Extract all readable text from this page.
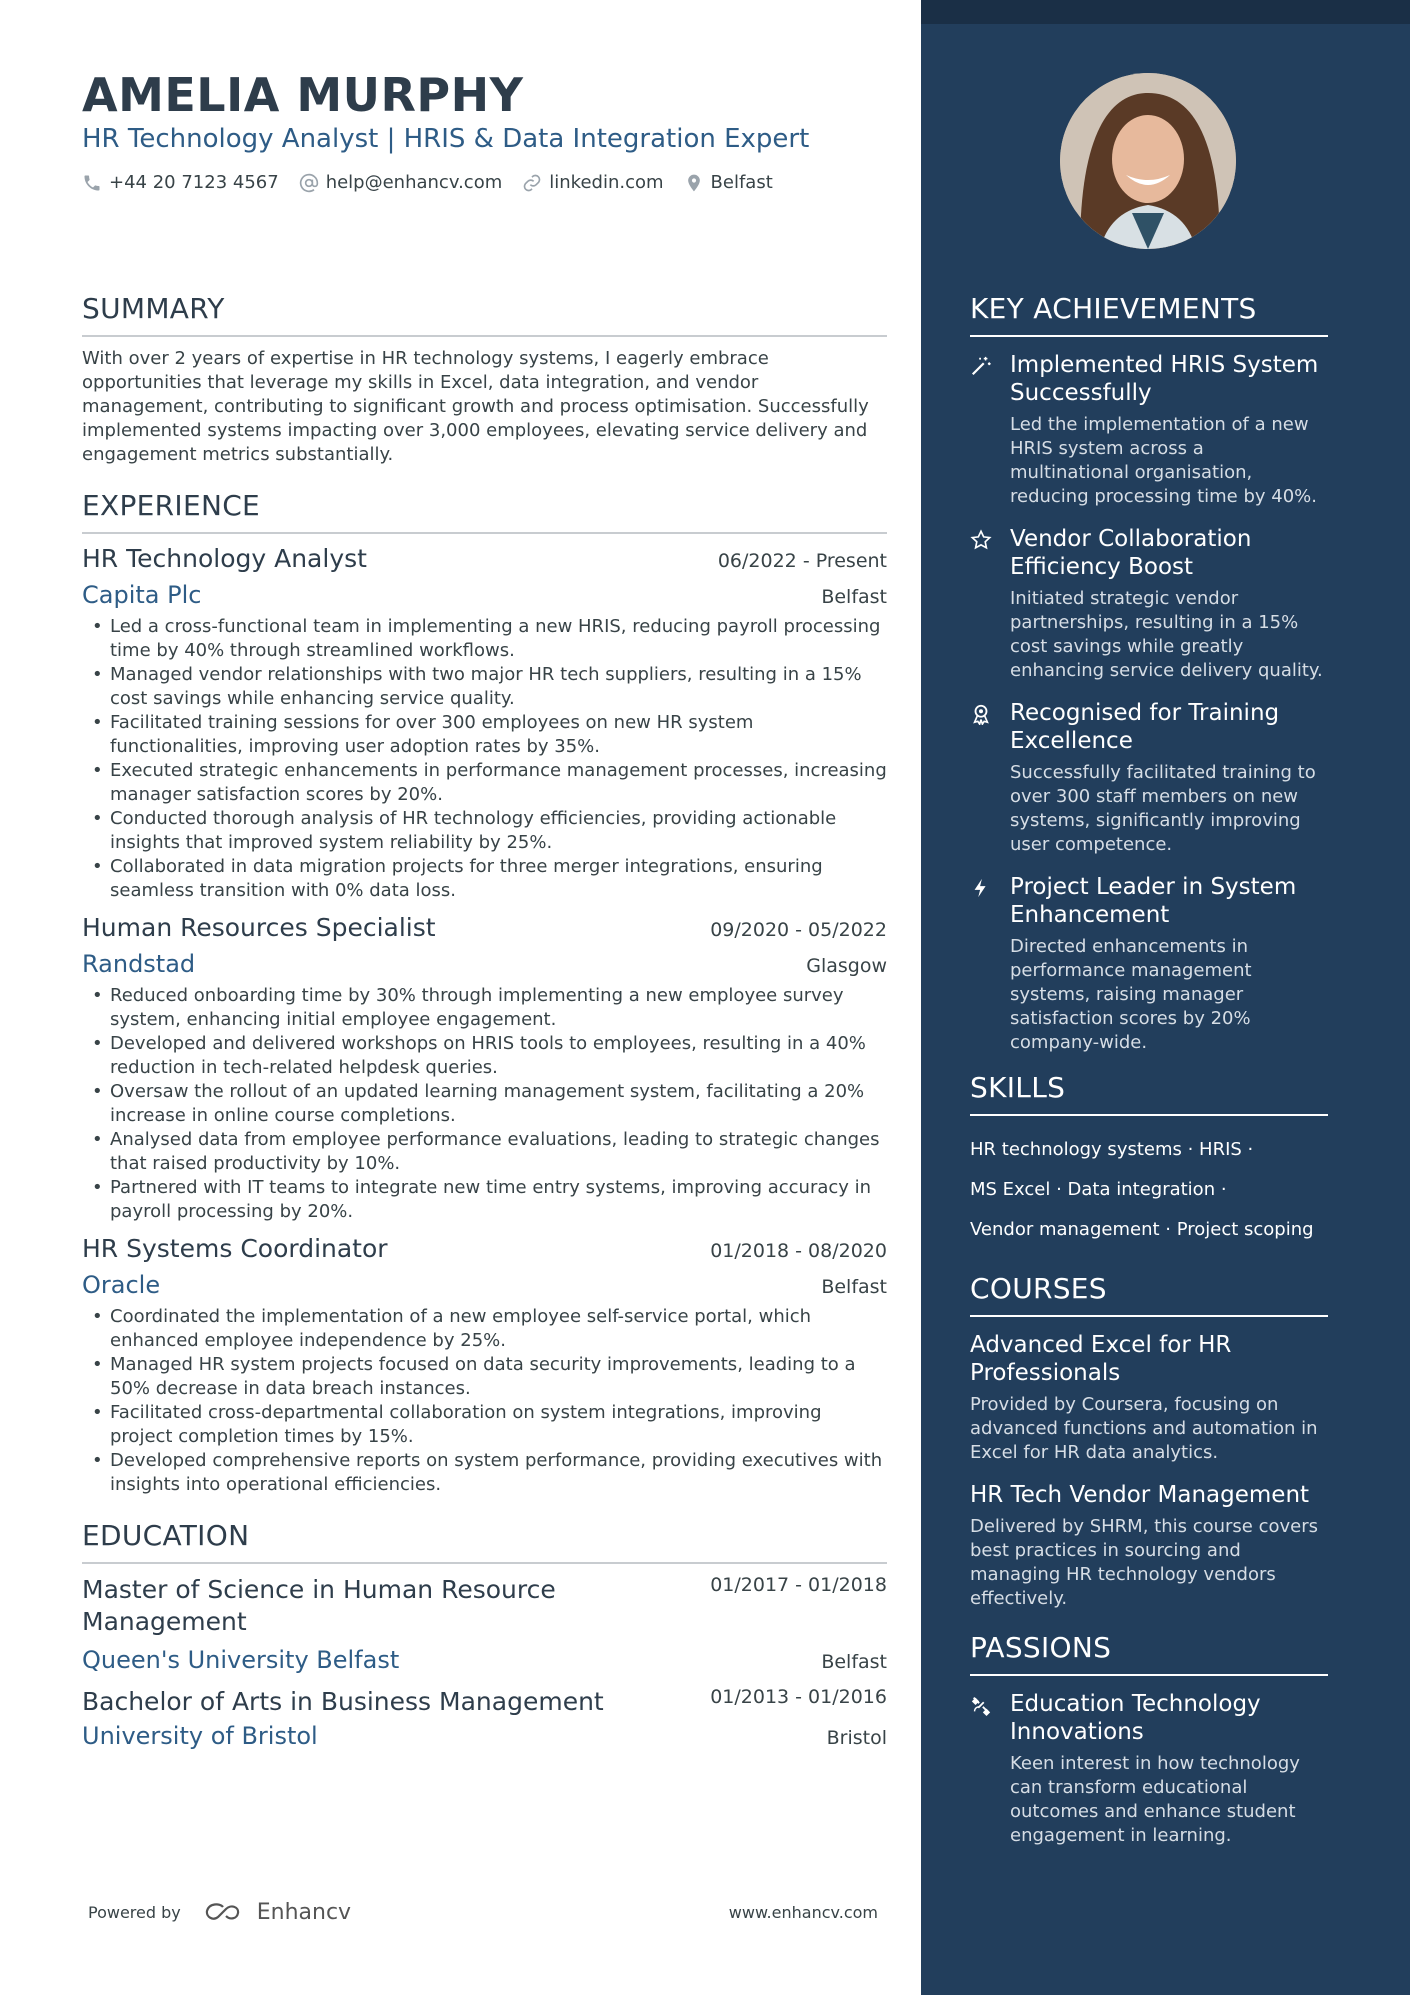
AMELIA MURPHY
HR Technology Analyst | HRIS & Data Integration Expert
+44 20 7123 4567	help@enhancv.com	linkedin.com	Belfast
SUMMARY

With over 2 years of expertise in HR technology systems, I eagerly embrace opportunities that leverage my skills in Excel, data integration, and vendor management, contributing to significant growth and process optimisation. Successfully implemented systems impacting over 3,000 employees, elevating service delivery and engagement metrics substantially.

EXPERIENCE
HR Technology Analyst	06/2022 - Present
Capita Plc	Belfast
• Led a cross-functional team in implementing a new HRIS, reducing payroll processing time by 40% through streamlined workflows.
• Managed vendor relationships with two major HR tech suppliers, resulting in a 15% cost savings while enhancing service quality.
• Facilitated training sessions for over 300 employees on new HR system functionalities, improving user adoption rates by 35%.
• Executed strategic enhancements in performance management processes, increasing manager satisfaction scores by 20%.
• Conducted thorough analysis of HR technology efficiencies, providing actionable insights that improved system reliability by 25%.
• Collaborated in data migration projects for three merger integrations, ensuring seamless transition with 0% data loss.
Human Resources Specialist	09/2020 - 05/2022
Randstad	Glasgow
• Reduced onboarding time by 30% through implementing a new employee survey system, enhancing initial employee engagement.
• Developed and delivered workshops on HRIS tools to employees, resulting in a 40% reduction in tech-related helpdesk queries.
• Oversaw the rollout of an updated learning management system, facilitating a 20% increase in online course completions.
• Analysed data from employee performance evaluations, leading to strategic changes that raised productivity by 10%.
• Partnered with IT teams to integrate new time entry systems, improving accuracy in payroll processing by 20%.
HR Systems Coordinator	01/2018 - 08/2020
Oracle	Belfast
• Coordinated the implementation of a new employee self-service portal, which enhanced employee independence by 25%.
• Managed HR system projects focused on data security improvements, leading to a 50% decrease in data breach instances.
• Facilitated cross-departmental collaboration on system integrations, improving project completion times by 15%.
• Developed comprehensive reports on system performance, providing executives with insights into operational efficiencies.
EDUCATION
Master of Science in Human Resource Management
01/2017 - 01/2018
Queen's University Belfast	Belfast
Bachelor of Arts in Business Management	01/2013 - 01/2016
University of Bristol	Bristol
Powered by	Enhancv	www.enhancv.com
KEY ACHIEVEMENTS
Implemented HRIS System Successfully
Led the implementation of a new HRIS system across a multinational organisation, reducing processing time by 40%.
Vendor Collaboration Efficiency Boost
Initiated strategic vendor partnerships, resulting in a 15% cost savings while greatly enhancing service delivery quality.
Recognised for Training Excellence
Successfully facilitated training to over 300 staff members on new systems, significantly improving user competence.
Project Leader in System Enhancement
Directed enhancements in performance management systems, raising manager satisfaction scores by 20% company-wide.
SKILLS
HR technology systems · HRIS ·
MS Excel · Data integration ·
Vendor management · Project scoping
COURSES
Advanced Excel for HR Professionals
Provided by Coursera, focusing on advanced functions and automation in Excel for HR data analytics.
HR Tech Vendor Management
Delivered by SHRM, this course covers best practices in sourcing and managing HR technology vendors effectively.
PASSIONS
Education Technology Innovations
Keen interest in how technology can transform educational outcomes and enhance student engagement in learning.
